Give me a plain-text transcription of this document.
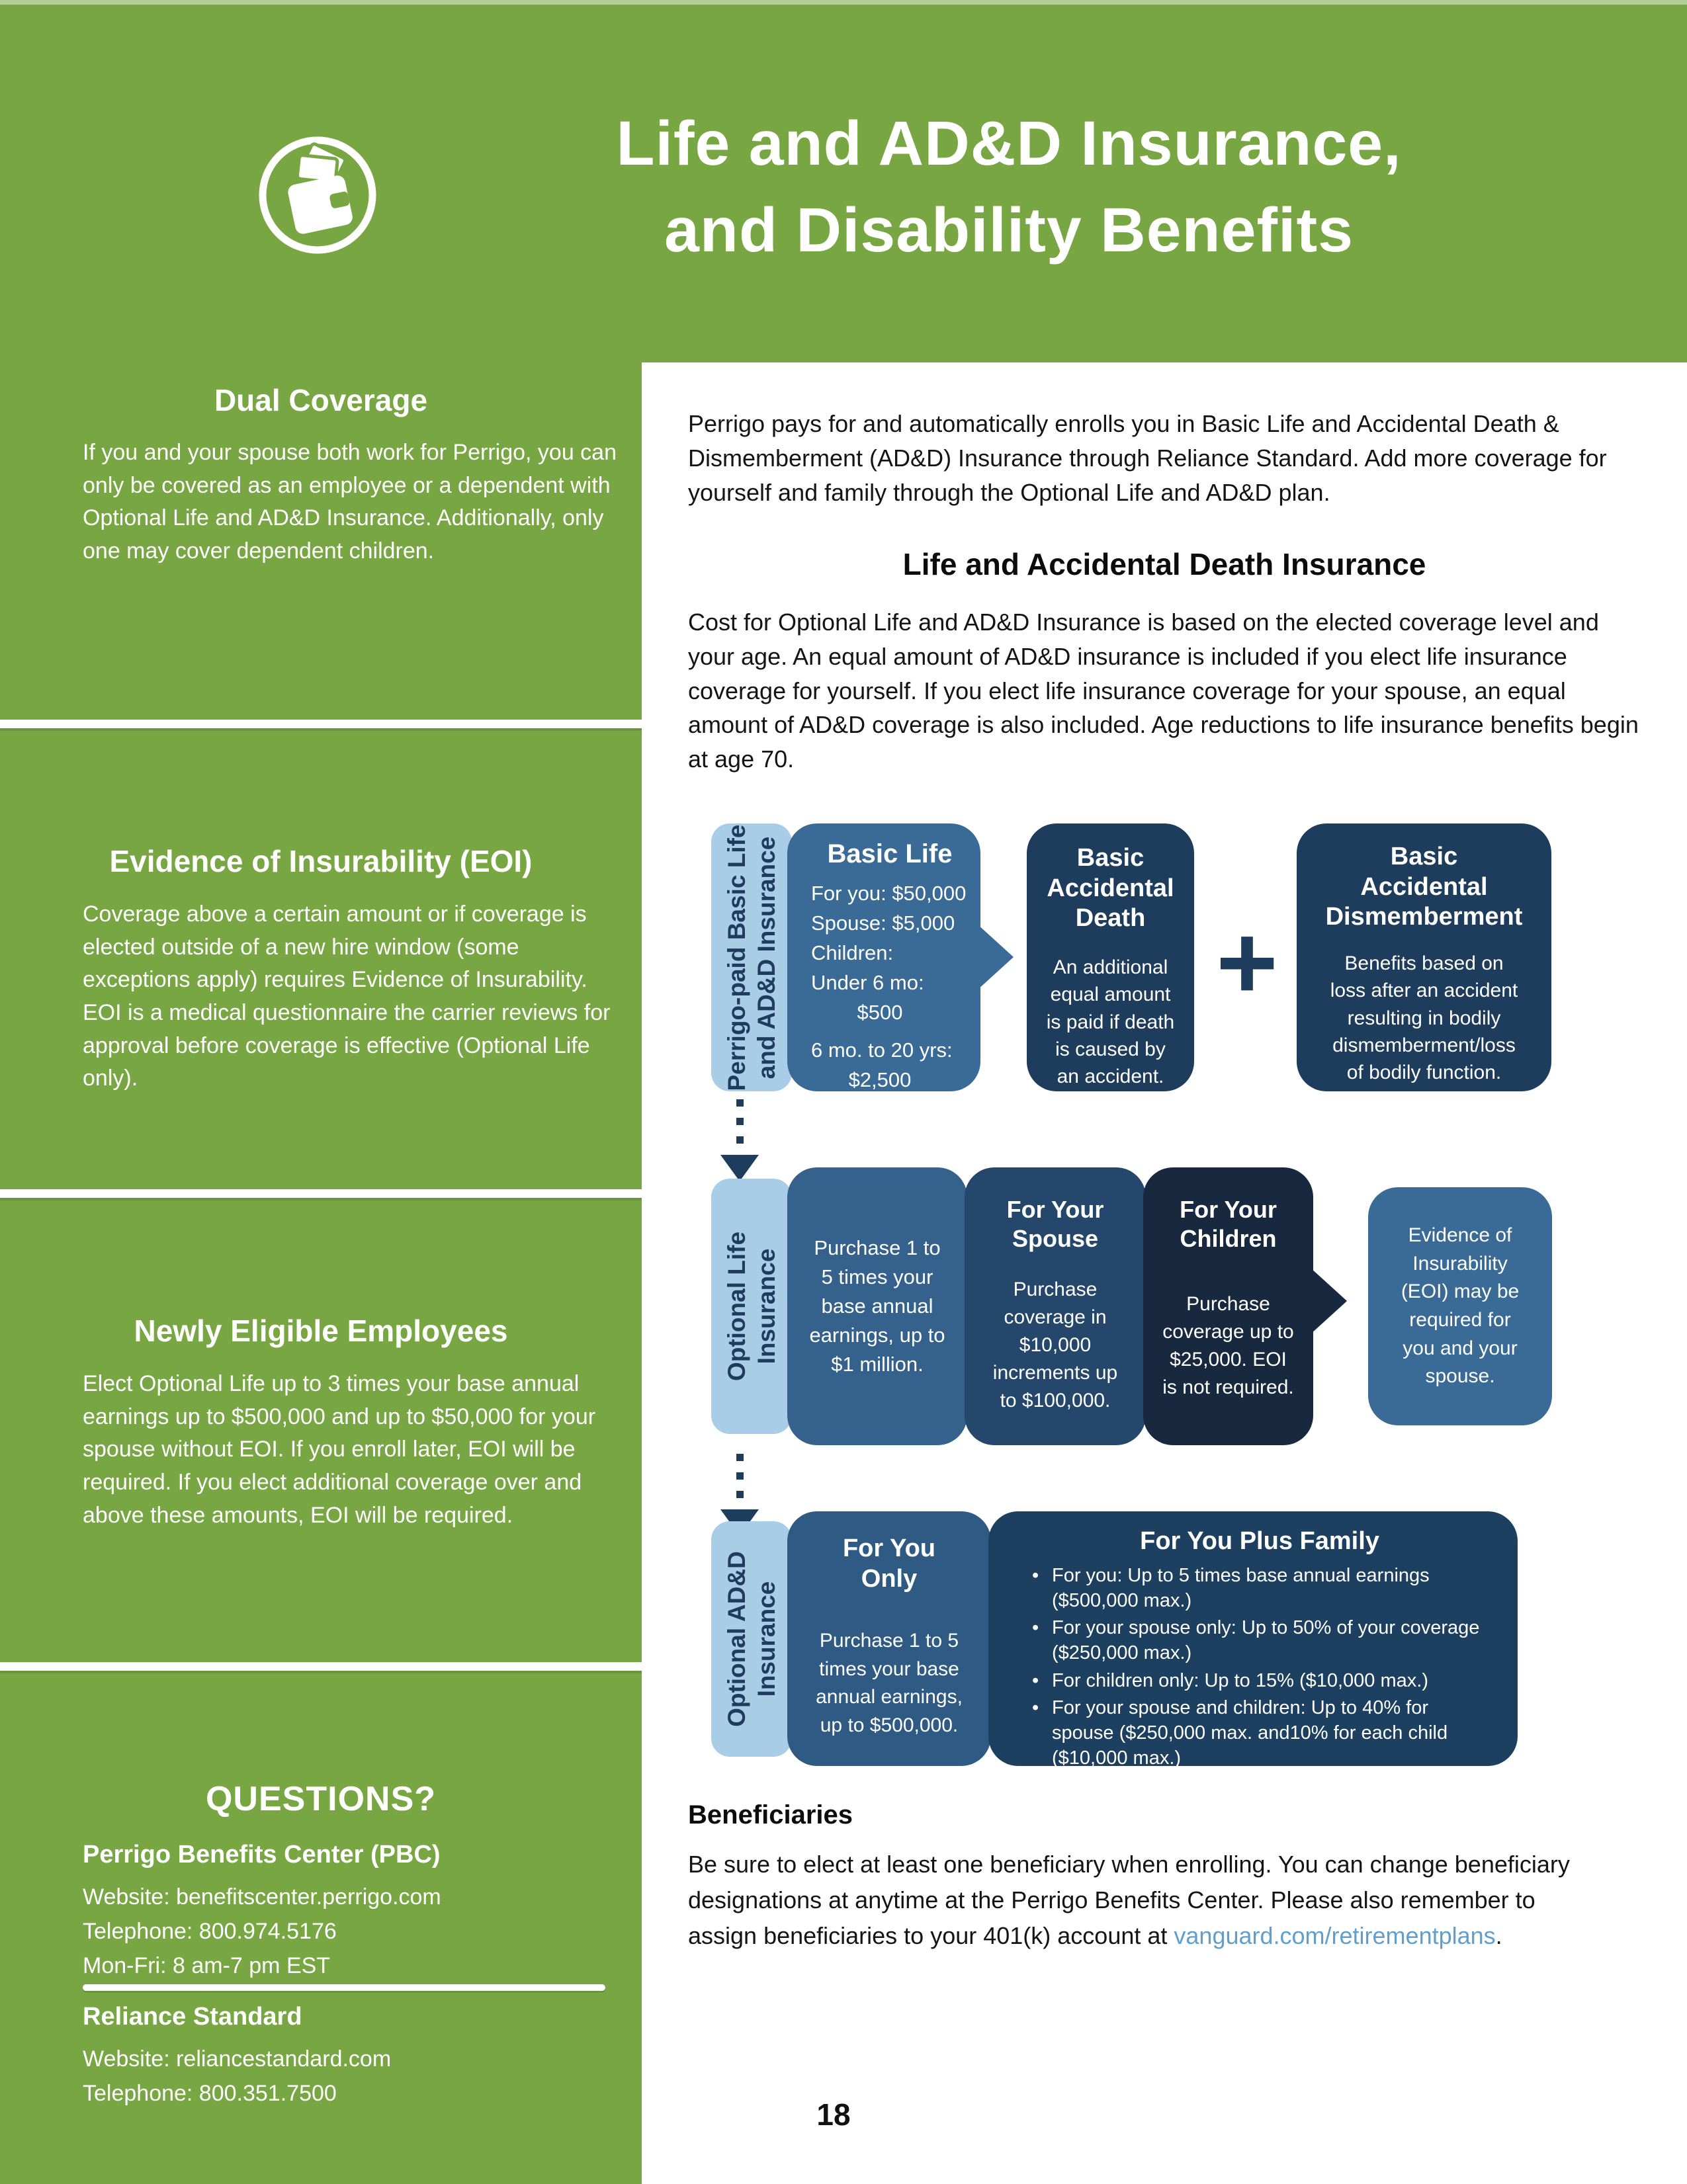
Life and AD&D Insurance,
and Disability Benefits
Dual Coverage
If you and your spouse both work for Perrigo, you can only be covered as an employee or a dependent with Optional Life and AD&D Insurance. Additionally, only one may cover dependent children.
Evidence of Insurability (EOI)
Coverage above a certain amount or if coverage is elected outside of a new hire window (some exceptions apply) requires Evidence of Insurability. EOI is a medical questionnaire the carrier reviews for approval before coverage is effective (Optional Life only).
Newly Eligible Employees
Elect Optional Life up to 3 times your base annual earnings up to $500,000 and up to $50,000 for your spouse without EOI. If you enroll later, EOI will be required. If you elect additional coverage over and above these amounts, EOI will be required.
QUESTIONS?
Perrigo Benefits Center (PBC)
Website: benefitscenter.perrigo.com
Telephone: 800.974.5176
Mon-Fri: 8 am-7 pm EST
Reliance Standard
Website: reliancestandard.com
Telephone: 800.351.7500
Perrigo pays for and automatically enrolls you in Basic Life and Accidental Death & Dismemberment (AD&D) Insurance through Reliance Standard. Add more coverage for yourself and family through the Optional Life and AD&D plan.
Life and Accidental Death Insurance
Cost for Optional Life and AD&D Insurance is based on the elected coverage level and your age. An equal amount of AD&D insurance is included if you elect life insurance coverage for yourself. If you elect life insurance coverage for your spouse, an equal amount of AD&D coverage is also included. Age reductions to life insurance benefits begin at age 70.
Perrigo-paid Basic Life and AD&D Insurance	Basic Life
For you: $50,000
Spouse: $5,000
Children:
Under 6 mo:
$500
6 mo. to 20 yrs:
$2,500
Basic Accidental Death
An additional equal amount is paid if death is caused by an accident.
+
Basic Accidental Dismemberment
Benefits based on loss after an accident resulting in bodily dismemberment/loss of bodily function.
Optional Life Insurance
Purchase 1 to 5 times your base annual earnings, up to $1 million.
For Your Spouse
Purchase coverage in $10,000 increments up to $100,000.
For Your Children
Purchase coverage up to $25,000. EOI is not required.
Evidence of Insurability (EOI) may be required for you and your spouse.
Optional AD&D Insurance
For You Only
Purchase 1 to 5 times your base annual earnings, up to $500,000.
For You Plus Family
• For you: Up to 5 times base annual earnings ($500,000 max.)
• For your spouse only: Up to 50% of your coverage ($250,000 max.)
• For children only: Up to 15% ($10,000 max.)
• For your spouse and children: Up to 40% for spouse ($250,000 max. and10% for each child ($10,000 max.)
Beneficiaries
Be sure to elect at least one beneficiary when enrolling. You can change beneficiary designations at anytime at the Perrigo Benefits Center. Please also remember to assign beneficiaries to your 401(k) account at vanguard.com/retirementplans.
18
